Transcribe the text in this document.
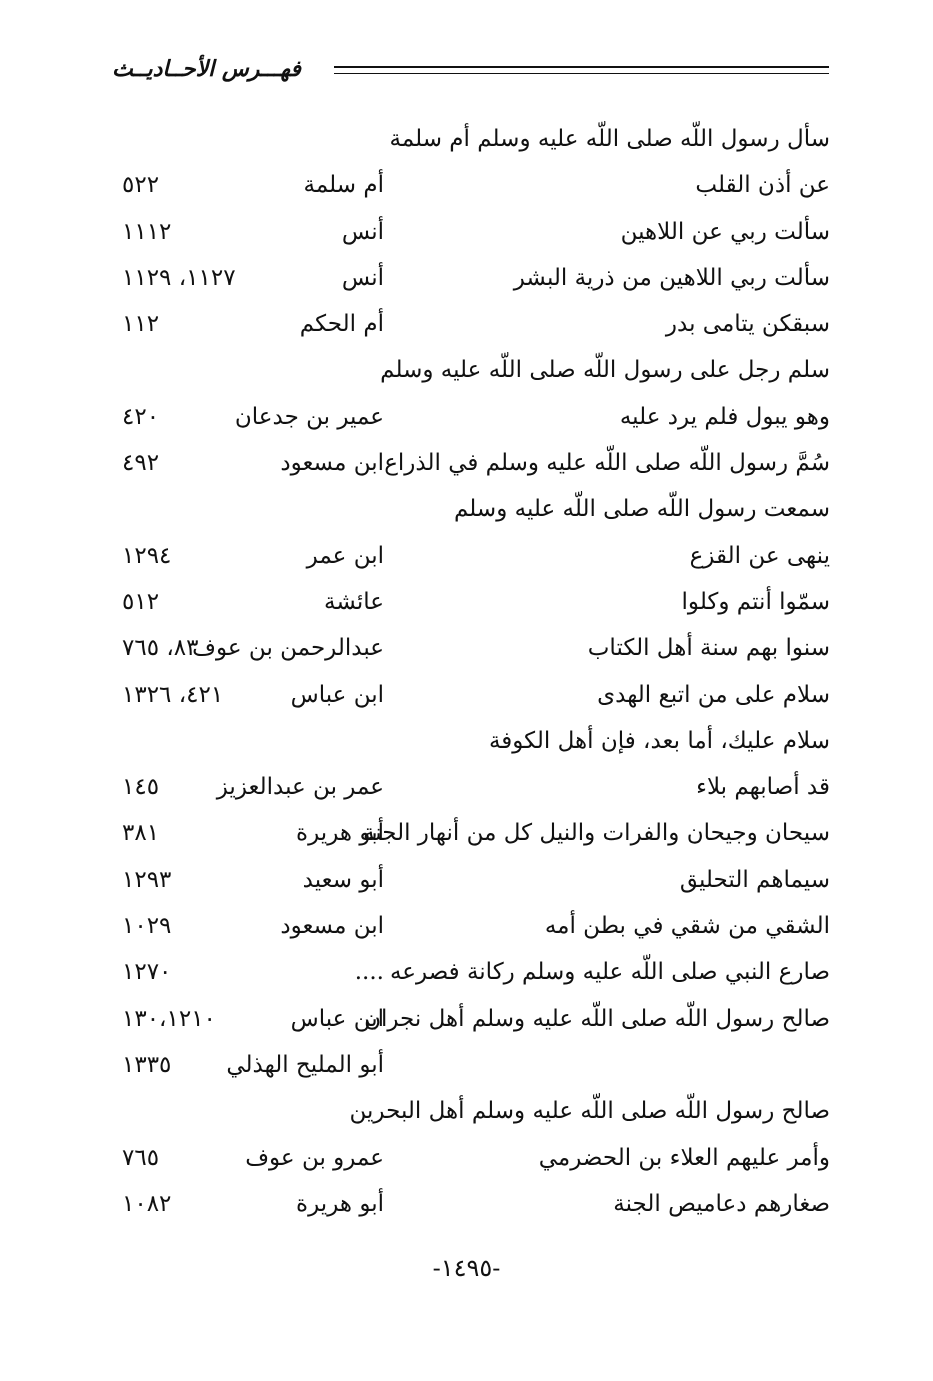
فهـــرس الأحــاديــث
سأل رسول اللّه صلى اللّه عليه وسلم أم سلمة
عن أذن القلب
أم سلمة
٥٢٢
سألت ربي عن اللاهين
أنس
١١١٢
سألت ربي اللاهين من ذرية البشر
أنس
١١٢٧، ١١٢٩
سبقكن يتامى بدر
أم الحكم
١١٢
سلم رجل على رسول اللّه صلى اللّه عليه وسلم
وهو يبول فلم يرد عليه
عمير بن جدعان
٤٢٠
سُمَّ رسول اللّه صلى اللّه عليه وسلم في الذراع
ابن مسعود
٤٩٢
سمعت رسول اللّه صلى اللّه عليه وسلم
ينهى عن القزع
ابن عمر
١٢٩٤
سمّوا أنتم وكلوا
عائشة
٥١٢
سنوا بهم سنة أهل الكتاب
عبدالرحمن بن عوف
٨٣، ٧٦٥
سلام على من اتبع الهدى
ابن عباس
٤٢١، ١٣٢٦
سلام عليك، أما بعد، فإن أهل الكوفة
قد أصابهم بلاء
عمر بن عبدالعزيز
١٤٥
سيحان وجيحان والفرات والنيل كل من أنهار الجنة
أبو هريرة
٣٨١
سيماهم التحليق
أبو سعيد
١٢٩٣
الشقي من شقي في بطن أمه
ابن مسعود
١٠٢٩
صارع النبي صلى اللّه عليه وسلم ركانة فصرعه
....
١٢٧٠
صالح رسول اللّه صلى اللّه عليه وسلم أهل نجران
ابن عباس
١٣٠،١٢١٠
أبو المليح الهذلي
١٣٣٥
صالح رسول اللّه صلى اللّه عليه وسلم أهل البحرين
وأمر عليهم العلاء بن الحضرمي
عمرو بن عوف
٧٦٥
صغارهم دعاميص الجنة
أبو هريرة
١٠٨٢
-١٤٩٥-
